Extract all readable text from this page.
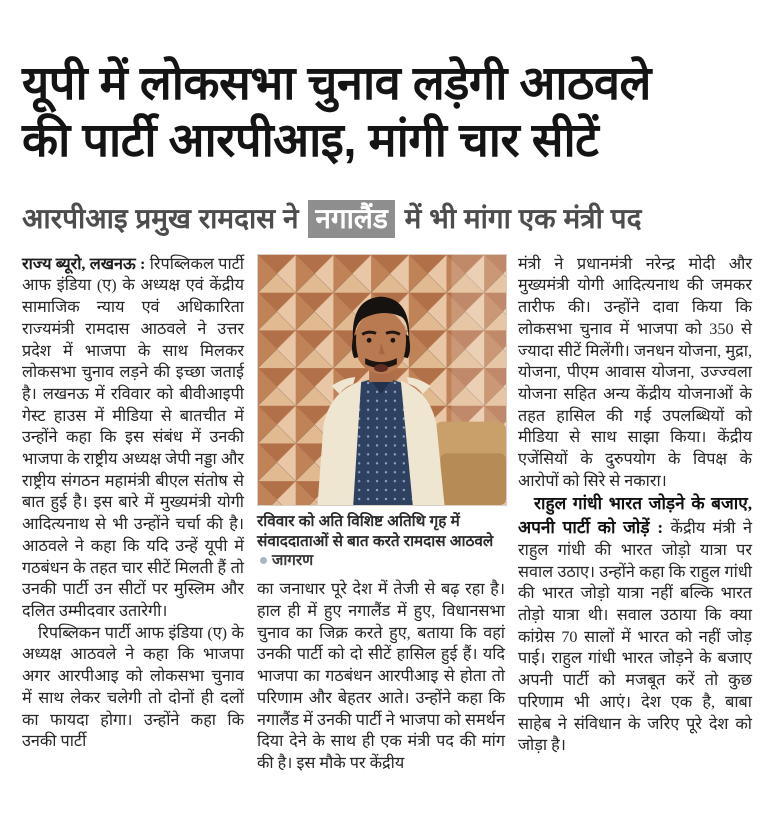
यूपी में लोकसभा चुनाव लड़ेगी आठवले
की पार्टी आरपीआइ, मांगी चार सीटें
आरपीआइ प्रमुख रामदास ने नगालैंड में भी मांगा एक मंत्री पद

राज्य ब्यूरो, लखनऊ : रिपब्लिकल पार्टी आफ इंडिया (ए) के अध्यक्ष एवं केंद्रीय सामाजिक न्याय एवं अधिकारिता राज्यमंत्री रामदास आठवले ने उत्तर प्रदेश में भाजपा के साथ मिलकर लोकसभा चुनाव लड़ने की इच्छा जताई है। लखनऊ में रविवार को बीवीआइपी गेस्ट हाउस में मीडिया से बातचीत में उन्होंने कहा कि इस संबंध में उनकी भाजपा के राष्ट्रीय अध्यक्ष जेपी नड्डा और राष्ट्रीय संगठन महामंत्री बीएल संतोष से बात हुई है। इस बारे में मुख्यमंत्री योगी आदित्यनाथ से भी उन्होंने चर्चा की है। आठवले ने कहा कि यदि उन्हें यूपी में गठबंधन के तहत चार सीटें मिलती हैं तो उनकी पार्टी उन सीटों पर मुस्लिम और दलित उम्मीदवार उतारेगी।

रिपब्लिकन पार्टी आफ इंडिया (ए) के अध्यक्ष आठवले ने कहा कि भाजपा अगर आरपीआइ को लोकसभा चुनाव में साथ लेकर चलेगी तो दोनों ही दलों का फायदा होगा। उन्होंने कहा कि उनकी पार्टी

रविवार को अति विशिष्ट अतिथि गृह में संवाददाताओं से बात करते रामदास आठवलेजागरण

का जनाधार पूरे देश में तेजी से बढ़ रहा है। हाल ही में हुए नगालैंड में हुए, विधानसभा चुनाव का जिक्र करते हुए, बताया कि वहां उनकी पार्टी को दो सीटें हासिल हुई हैं। यदि भाजपा का गठबंधन आरपीआइ से होता तो परिणाम और बेहतर आते। उन्होंने कहा कि नगालैंड में उनकी पार्टी ने भाजपा को समर्थन दिया देने के साथ ही एक मंत्री पद की मांग की है। इस मौके पर केंद्रीय

मंत्री ने प्रधानमंत्री नरेन्द्र मोदी और मुख्यमंत्री योगी आदित्यनाथ की जमकर तारीफ की। उन्होंने दावा किया कि लोकसभा चुनाव में भाजपा को 350 से ज्यादा सीटें मिलेंगी। जनधन योजना, मुद्रा, योजना, पीएम आवास योजना, उज्ज्वला योजना सहित अन्य केंद्रीय योजनाओं के तहत हासिल की गई उपलब्धियों को मीडिया से साथ साझा किया। केंद्रीय एजेंसियों के दुरुपयोग के विपक्ष के आरोपों को सिरे से नकारा।

राहुल गांधी भारत जोड़ने के बजाए, अपनी पार्टी को जोड़ें : केंद्रीय मंत्री ने राहुल गांधी की भारत जोड़ो यात्रा पर सवाल उठाए। उन्होंने कहा कि राहुल गांधी की भारत जोड़ो यात्रा नहीं बल्कि भारत तोड़ो यात्रा थी। सवाल उठाया कि क्या कांग्रेस 70 सालों में भारत को नहीं जोड़ पाई। राहुल गांधी भारत जोड़ने के बजाए अपनी पार्टी को मजबूत करें तो कुछ परिणाम भी आएं। देश एक है, बाबा साहेब ने संविधान के जरिए पूरे देश को जोड़ा है।
